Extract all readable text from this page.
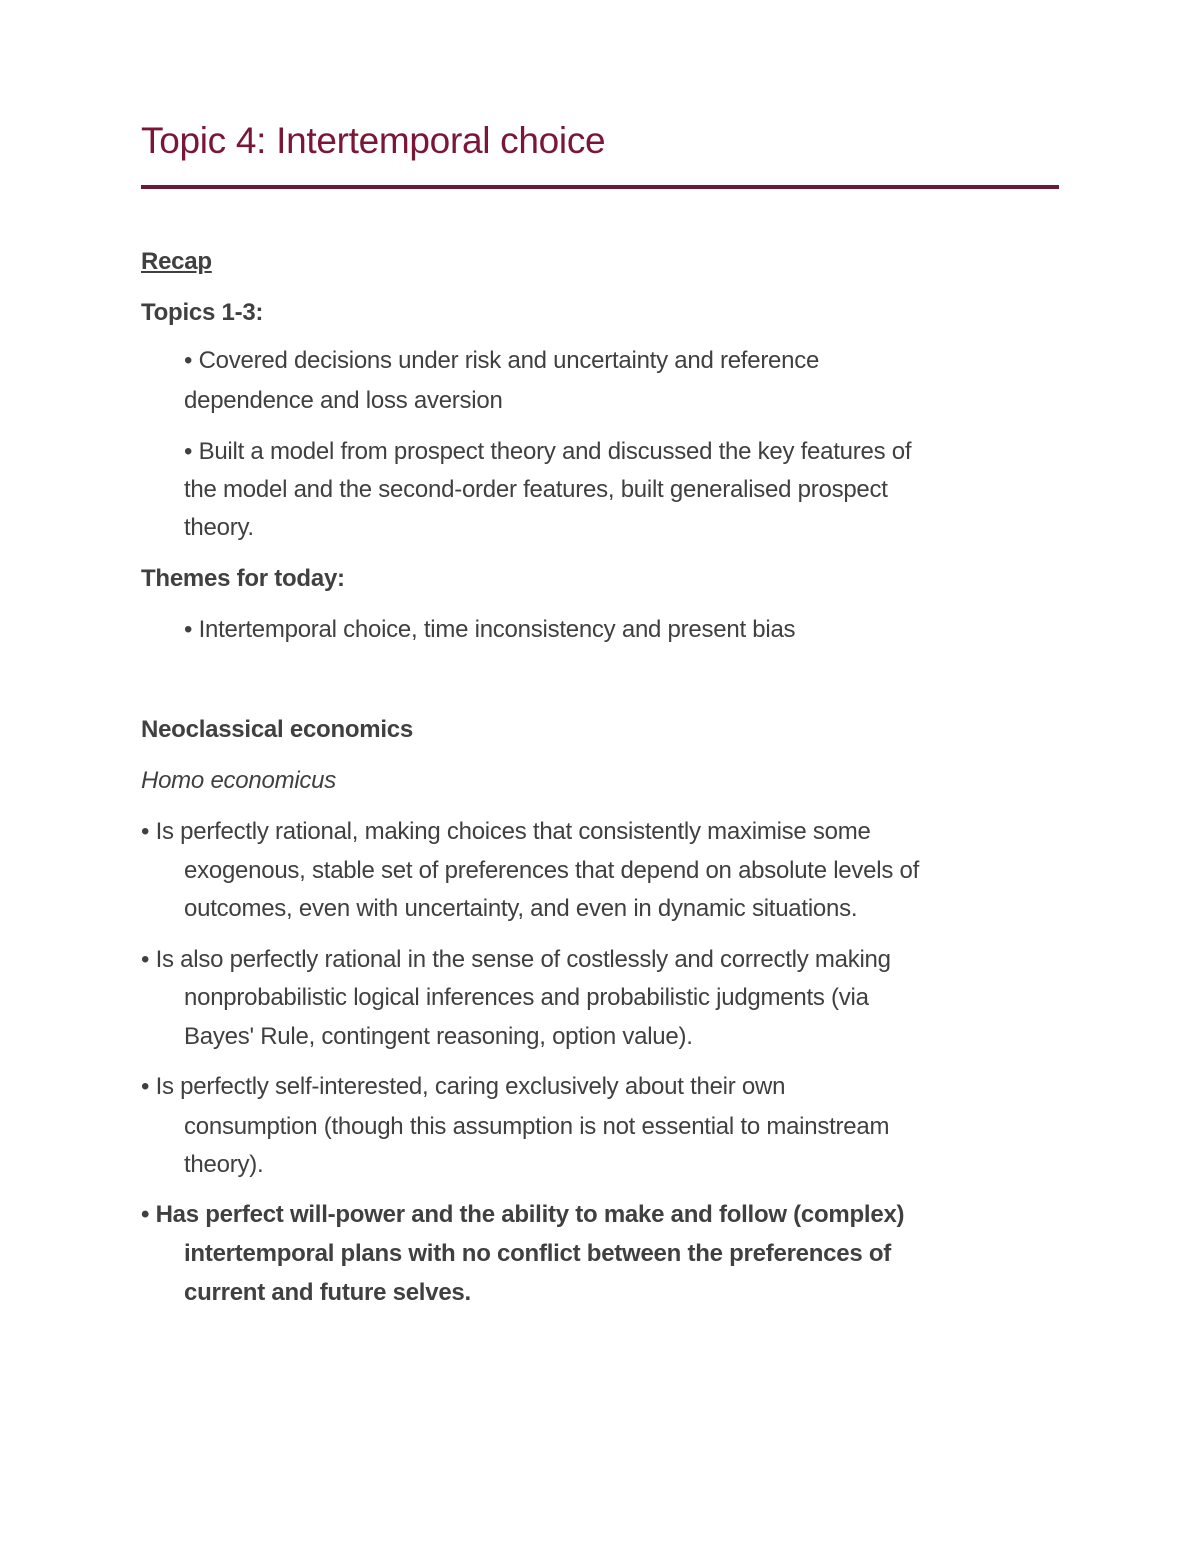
Topic 4: Intertemporal choice
Recap
Topics 1-3:
• Covered decisions under risk and uncertainty and reference
dependence and loss aversion
• Built a model from prospect theory and discussed the key features of
the model and the second-order features, built generalised prospect
theory.
Themes for today:
• Intertemporal choice, time inconsistency and present bias
Neoclassical economics
Homo economicus
• Is perfectly rational, making choices that consistently maximise some
exogenous, stable set of preferences that depend on absolute levels of
outcomes, even with uncertainty, and even in dynamic situations.
• Is also perfectly rational in the sense of costlessly and correctly making
nonprobabilistic logical inferences and probabilistic judgments (via
Bayes' Rule, contingent reasoning, option value).
• Is perfectly self-interested, caring exclusively about their own
consumption (though this assumption is not essential to mainstream
theory).
• Has perfect will-power and the ability to make and follow (complex)
intertemporal plans with no conflict between the preferences of
current and future selves.
